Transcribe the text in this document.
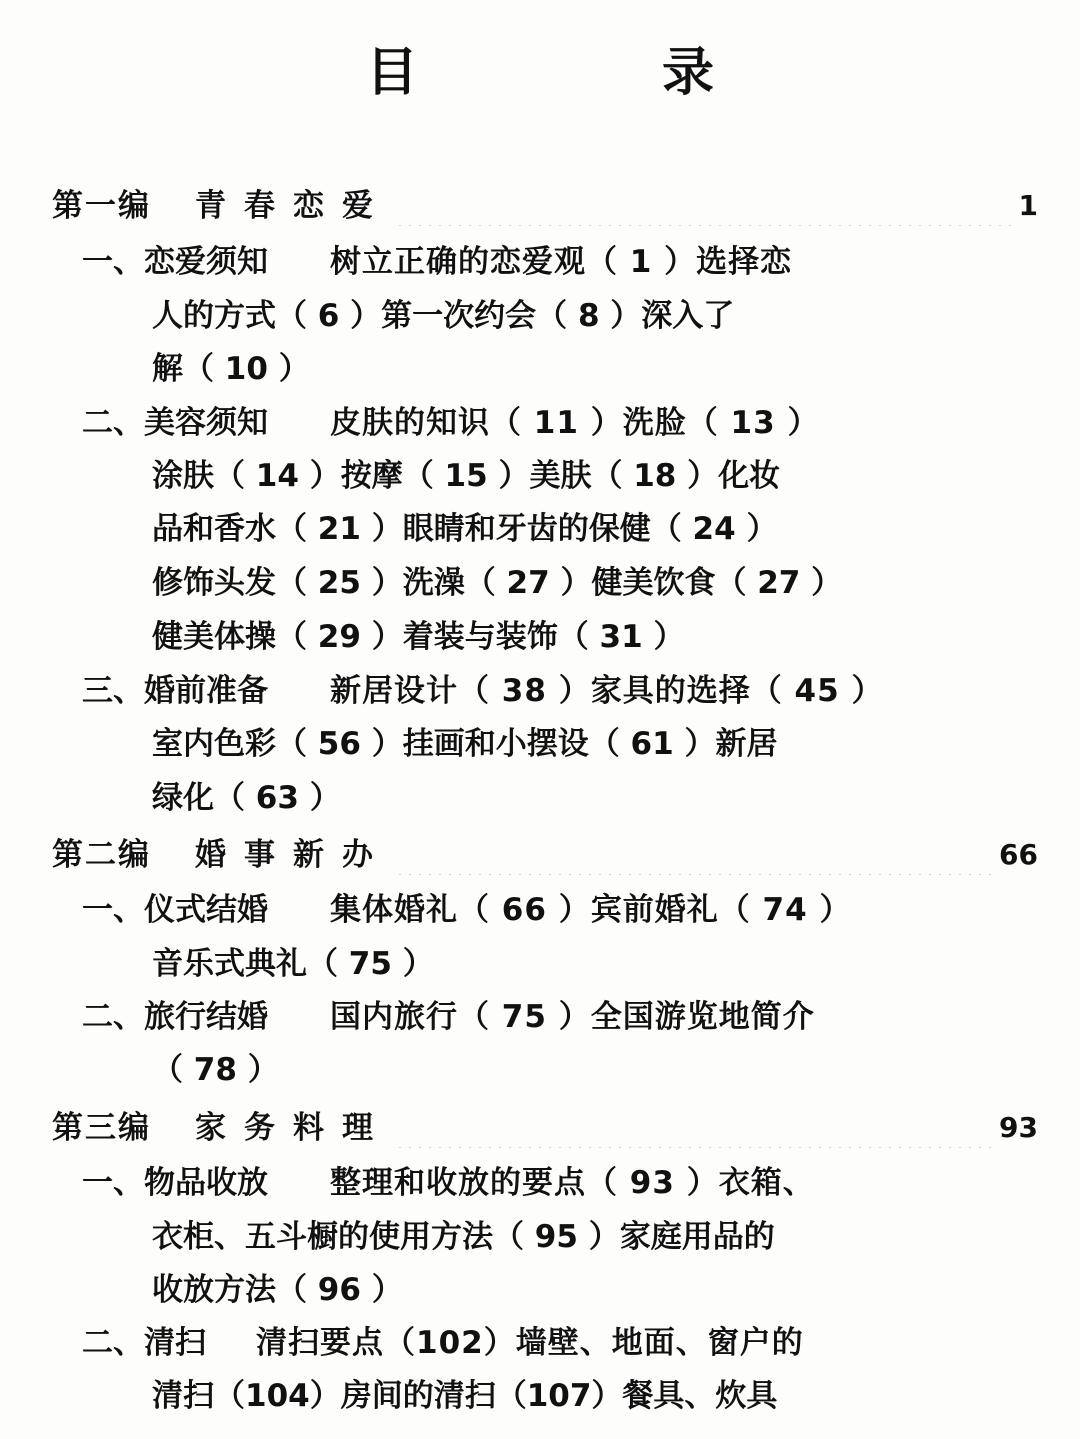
目　录
第一编 青春恋爱	1
一、恋爱须知 树立正确的恋爱观（ 1 ）选择恋
人的方式（ 6 ）第一次约会（ 8 ）深入了
解（ 10 ）
二、美容须知 皮肤的知识（ 11 ）洗脸（ 13 ）
涂肤（ 14 ）按摩（ 15 ）美肤（ 18 ）化妆
品和香水（ 21 ）眼睛和牙齿的保健（ 24 ）
修饰头发（ 25 ）洗澡（ 27 ）健美饮食（ 27 ）
健美体操（ 29 ）着装与装饰（ 31 ）
三、婚前准备 新居设计（ 38 ）家具的选择（ 45 ）
室内色彩（ 56 ）挂画和小摆设（ 61 ）新居
绿化（ 63 ）
第二编 婚事新办	66
一、仪式结婚 集体婚礼（ 66 ）宾前婚礼（ 74 ）
音乐式典礼（ 75 ）
二、旅行结婚 国内旅行（ 75 ）全国游览地简介
（ 78 ）
第三编 家务料理	93
一、物品收放 整理和收放的要点（ 93 ）衣箱、
衣柜、五斗橱的使用方法（ 95 ）家庭用品的
收放方法（ 96 ）
二、清扫 清扫要点（102）墙壁、地面、窗户的
清扫（104）房间的清扫（107）餐具、炊具
